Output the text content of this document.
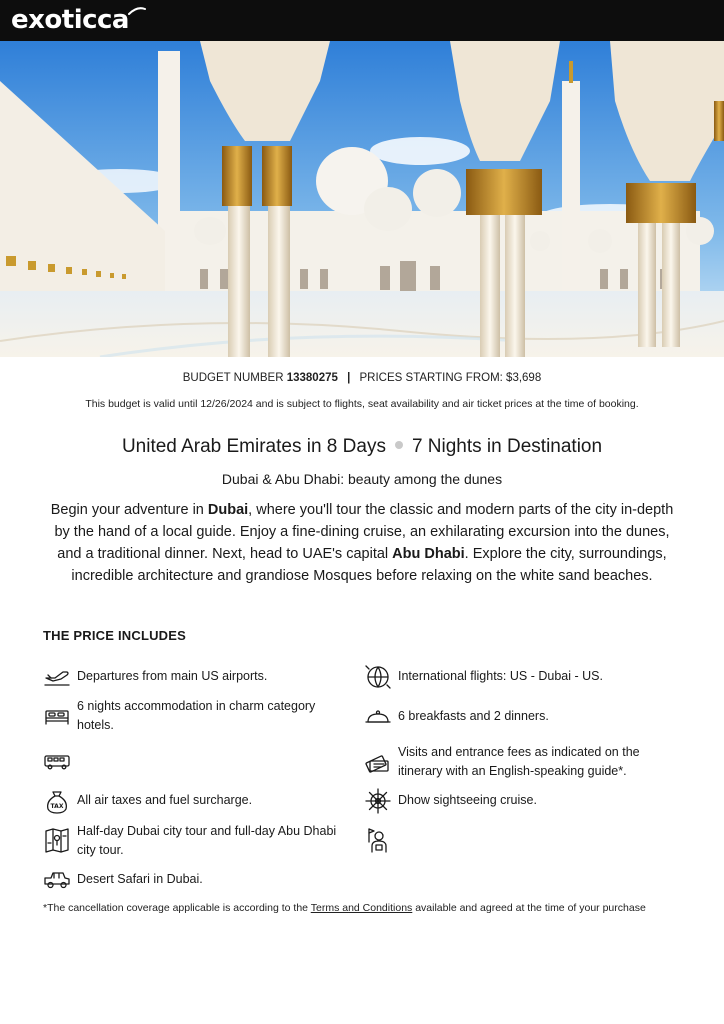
exoticca
BUDGET NUMBER 13380275 | PRICES STARTING FROM: $3,698
This budget is valid until 12/26/2024 and is subject to flights, seat availability and air ticket prices at the time of booking.
United Arab Emirates in 8 Days 7 Nights in Destination
Dubai & Abu Dhabi: beauty among the dunes
Begin your adventure in Dubai, where you'll tour the classic and modern parts of the city in-depth by the hand of a local guide. Enjoy a fine-dining cruise, an exhilarating excursion into the dunes, and a traditional dinner. Next, head to UAE's capital Abu Dhabi. Explore the city, surroundings, incredible architecture and grandiose Mosques before relaxing on the white sand beaches.
THE PRICE INCLUDES
Departures from main US airports.
6 nights accommodation in charm category hotels.
TAX All air taxes and fuel surcharge.
Half-day Dubai city tour and full-day Abu Dhabi city tour.
Desert Safari in Dubai.
International flights: US - Dubai - US.
6 breakfasts and 2 dinners.
Visits and entrance fees as indicated on the itinerary with an English-speaking guide*.
Dhow sightseeing cruise.
*The cancellation coverage applicable is according to the Terms and Conditions available and agreed at the time of your purchase
